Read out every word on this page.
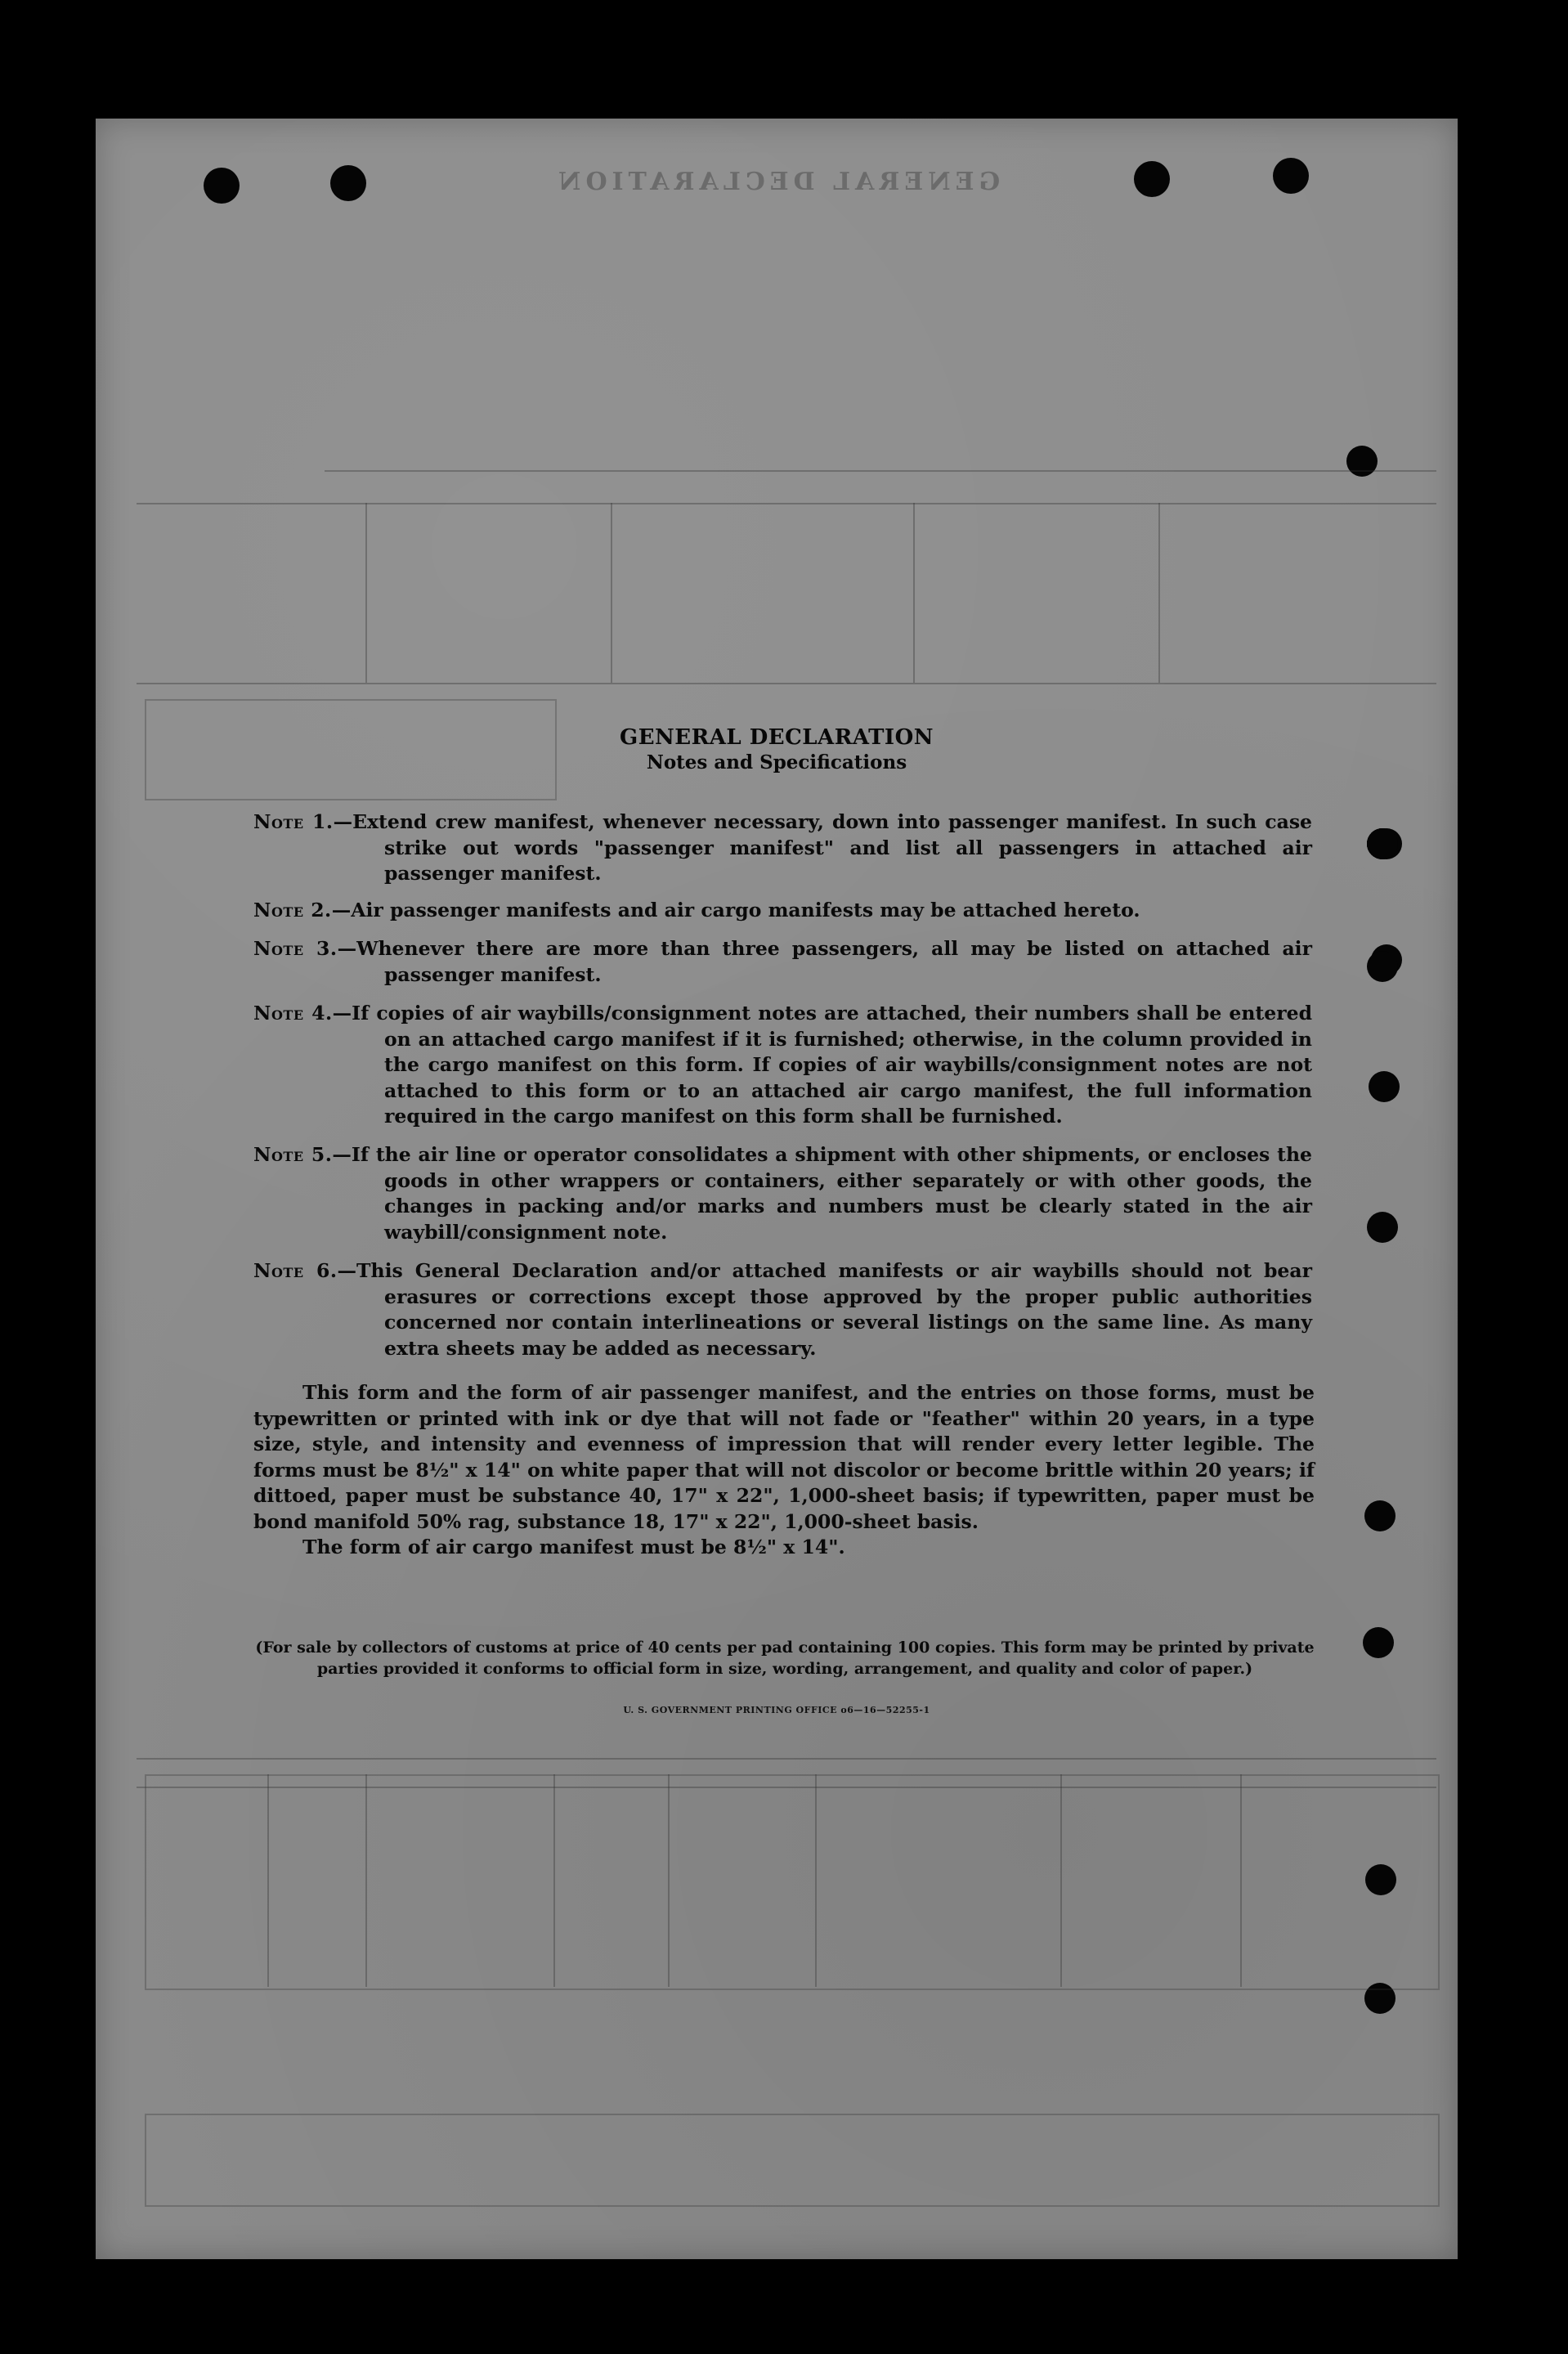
GENERAL DECLARATION
GENERAL DECLARATION
Notes and Specifications
Note 1.—Extend crew manifest, whenever necessary, down into passenger manifest. In such case strike out words "passenger manifest" and list all passengers in attached air passenger manifest.
Note 2.—Air passenger manifests and air cargo manifests may be attached hereto.
Note 3.—Whenever there are more than three passengers, all may be listed on attached air passenger manifest.
Note 4.—If copies of air waybills/consignment notes are attached, their numbers shall be entered on an attached cargo manifest if it is furnished; otherwise, in the column provided in the cargo manifest on this form. If copies of air waybills/consignment notes are not attached to this form or to an attached air cargo manifest, the full information required in the cargo manifest on this form shall be furnished.
Note 5.—If the air line or operator consolidates a shipment with other shipments, or encloses the goods in other wrappers or containers, either separately or with other goods, the changes in packing and/or marks and numbers must be clearly stated in the air waybill/consignment note.
Note 6.—This General Declaration and/or attached manifests or air waybills should not bear erasures or corrections except those approved by the proper public authorities concerned nor contain interlineations or several listings on the same line. As many extra sheets may be added as necessary.

This form and the form of air passenger manifest, and the entries on those forms, must be typewritten or printed with ink or dye that will not fade or "feather" within 20 years, in a type size, style, and intensity and evenness of impression that will render every letter legible. The forms must be 8½" x 14" on white paper that will not discolor or become brittle within 20 years; if dittoed, paper must be substance 40, 17" x 22", 1,000-sheet basis; if typewritten, paper must be bond manifold 50% rag, substance 18, 17" x 22", 1,000-sheet basis.

The form of air cargo manifest must be 8½" x 14".

(For sale by collectors of customs at price of 40 cents per pad containing 100 copies. This form may be printed by private parties provided it conforms to official form in size, wording, arrangement, and quality and color of paper.)
U. S. GOVERNMENT PRINTING OFFICE o6—16—52255-1
